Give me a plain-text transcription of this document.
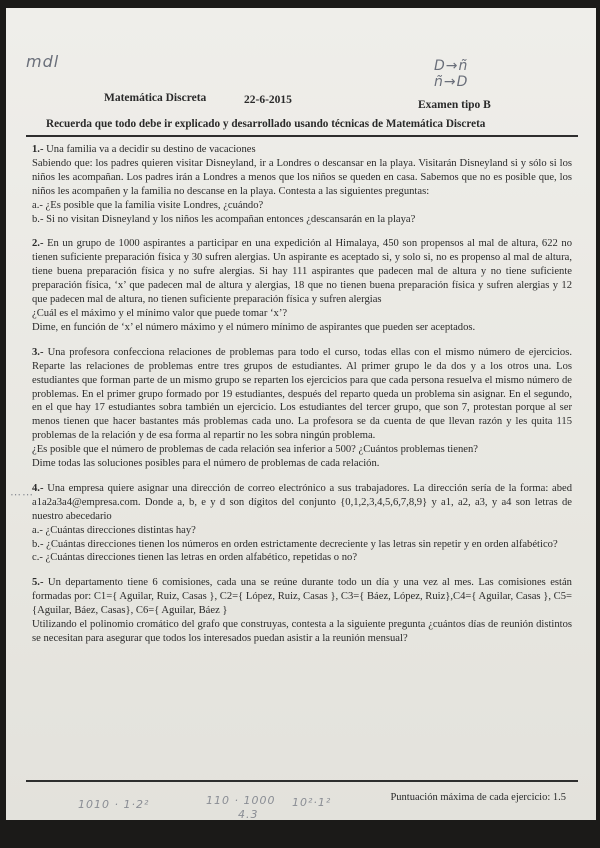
mdl	D→ñ
ñ→D
Matemática Discreta	22-6-2015	Examen tipo B
Recuerda que todo debe ir explicado y desarrollado usando técnicas de Matemática Discreta

1.- Una familia va a decidir su destino de vacaciones

Sabiendo que: los padres quieren visitar Disneyland, ir a Londres o descansar en la playa. Visitarán Disneyland si y sólo si los niños les acompañan. Los padres irán a Londres a menos que los niños se queden en casa. Sabemos que no es posible que, los niños les acompañen y la familia no descanse en la playa. Contesta a las siguientes preguntas:

a.- ¿Es posible que la familia visite Londres, ¿cuándo?

b.- Si no visitan Disneyland y los niños les acompañan entonces ¿descansarán en la playa?

2.- En un grupo de 1000 aspirantes a participar en una expedición al Himalaya, 450 son propensos al mal de altura, 622 no tienen suficiente preparación física y 30 sufren alergias. Un aspirante es aceptado si, y solo si, no es propenso al mal de altura, tiene buena preparación física y no sufre alergias. Si hay 111 aspirantes que padecen mal de altura y no tiene suficiente preparación física, ‘x’ que padecen mal de altura y alergias, 18 que no tienen buena preparación física y sufren alergias y 12 que padecen mal de altura, no tienen suficiente preparación física y sufren alergias

¿Cuál es el máximo y el mínimo valor que puede tomar ‘x’?

Dime, en función de ‘x’ el número máximo y el número mínimo de aspirantes que pueden ser aceptados.

3.- Una profesora confecciona relaciones de problemas para todo el curso, todas ellas con el mismo número de ejercicios. Reparte las relaciones de problemas entre tres grupos de estudiantes. Al primer grupo le da dos y a los otros una. Los estudiantes que forman parte de un mismo grupo se reparten los ejercicios para que cada persona resuelva el mismo número de problemas. En el primer grupo formado por 19 estudiantes, después del reparto queda un problema sin asignar. En el segundo, en el que hay 17 estudiantes sobra también un ejercicio. Los estudiantes del tercer grupo, que son 7, protestan porque al ser menos tienen que hacer bastantes más problemas cada uno. La profesora se da cuenta de que llevan razón y les quita 115 problemas de la relación y de esa forma al repartir no les sobra ningún problema.

¿Es posible que el número de problemas de cada relación sea inferior a 500? ¿Cuántos problemas tienen?

Dime todas las soluciones posibles para el número de problemas de cada relación.

4.- Una empresa quiere asignar una dirección de correo electrónico a sus trabajadores. La dirección sería de la forma: abed a1a2a3a4@empresa.com. Donde a, b, e y d son dígitos del conjunto {0,1,2,3,4,5,6,7,8,9} y a1, a2, a3, y a4 son letras de nuestro abecedario

a.- ¿Cuántas direcciones distintas hay?

b.- ¿Cuántas direcciones tienen los números en orden estrictamente decreciente y las letras sin repetir y en orden alfabético?

c.- ¿Cuántas direcciones tienen las letras en orden alfabético, repetidas o no?

5.- Un departamento tiene 6 comisiones, cada una se reúne durante todo un día y una vez al mes. Las comisiones están formadas por: C1={ Aguilar, Ruiz, Casas }, C2={ López, Ruiz, Casas }, C3={ Báez, López, Ruiz},C4={ Aguilar, Casas }, C5={Aguilar, Báez, Casas}, C6={ Aguilar, Báez }

Utilizando el polinomio cromático del grafo que construyas, contesta a la siguiente pregunta ¿cuántos días de reunión distintos se necesitan para asegurar que todos los interesados puedan asistir a la reunión mensual?

⋯⋯
Puntuación máxima de cada ejercicio: 1.5
1010 · 1·2²	110 · 1000 10²·1²
4.3
